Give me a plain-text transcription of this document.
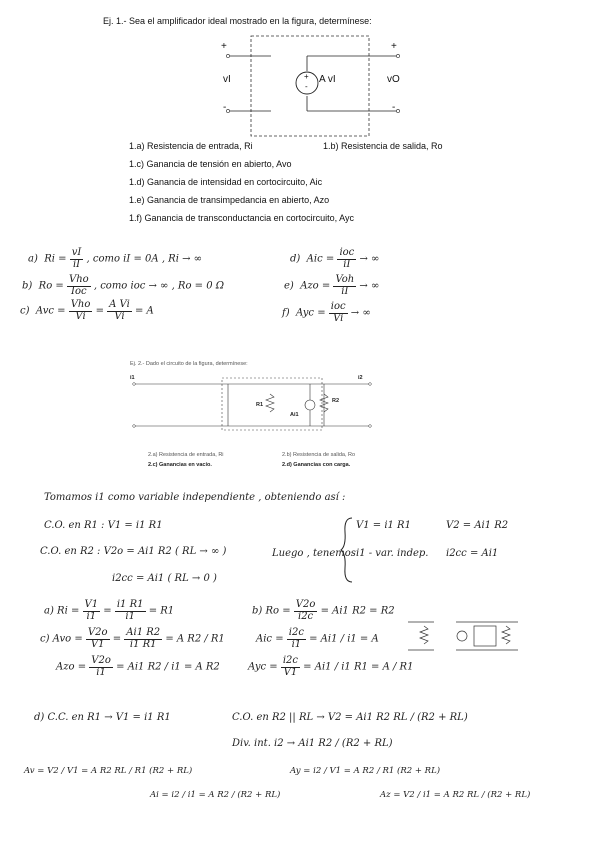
Ej. 1.- Sea el amplificador ideal mostrado en la figura, determínese:
+
vI
-
+
vO
-
A vI
+
-
1.a) Resistencia de entrada, Ri	1.b) Resistencia de salida, Ro
1.c) Ganancia de tensión en abierto, Avo
1.d) Ganancia de intensidad en cortocircuito, Aic
1.e) Ganancia de transimpedancia en abierto, Azo
1.f) Ganancia de transconductancia en cortocircuito, Ayc
a) $Ri = \frac{vI}{iI}$ , como iI = 0A , Ri → ∞
b) $Ro = \frac{\text{Vho}}{\text{Ioc}}$ , como ioc → ∞ , Ro = 0 Ω
c) Avc = $\frac{\text{Vho}}{Vi} = \frac{\text{A Vi}}{Vi} = A$
d) Aic = $\frac{\text{ioc}}{iI}$ → ∞
e) Azo = $\frac{\text{Voh}}{iI}$ → ∞
f) Ayc = $\frac{\text{ioc}}{Vi}$ → ∞
Ej. 2.- Dado el circuito de la figura, determínese:
i1	i2
R1
R2
Ai1
2.a) Resistencia de entrada, Ri
2.c) Ganancias en vacío.
2.b) Resistencia de salida, Ro
2.d) Ganancias con carga.
Tomamos i1 como variable independiente , obteniendo así :
C.O. en R1 : V1 = i1 R1
C.O. en R2 : V2o = Ai1 R2 ( RL → ∞ )
i2cc = Ai1 ( RL → 0 )
Luego , tenemos
V1 = i1 R1	V2 = Ai1 R2
i1 - var. indep. i2cc = Ai1
a) $Ri = \frac{V1}{i1} = \frac{i1 R1}{i1} = R1$	b) $Ro = \frac{V2o}{i2c} = Ai1$ R2 = R2
c) Avo = $\frac{V2o}{V1} = \frac{Ai1 R2}{i1 R1} = A$ R2 / R1	Aic = $\frac{i2c}{i1} = Ai1 / i1 = A$
Azo = $\frac{V2o}{i1} = Ai1$ R2 / i1 = A R2	Ayc = $\frac{i2c}{V1} = Ai1 / i1$ R1 = A / R1
d) C.C. en R1 → V1 = i1 R1	C.O. en R2 || RL → V2 = Ai1 R2 RL / (R2 + RL)
Div. int. i2 → Ai1 R2 / (R2 + RL)
Av = V2 / V1 = A R2 RL / R1 (R2 + RL)
Ai = i2 / i1 = A R2 / (R2 + RL)
Ay = i2 / V1 = A R2 / R1 (R2 + RL)
Az = V2 / i1 = A R2 RL / (R2 + RL)
